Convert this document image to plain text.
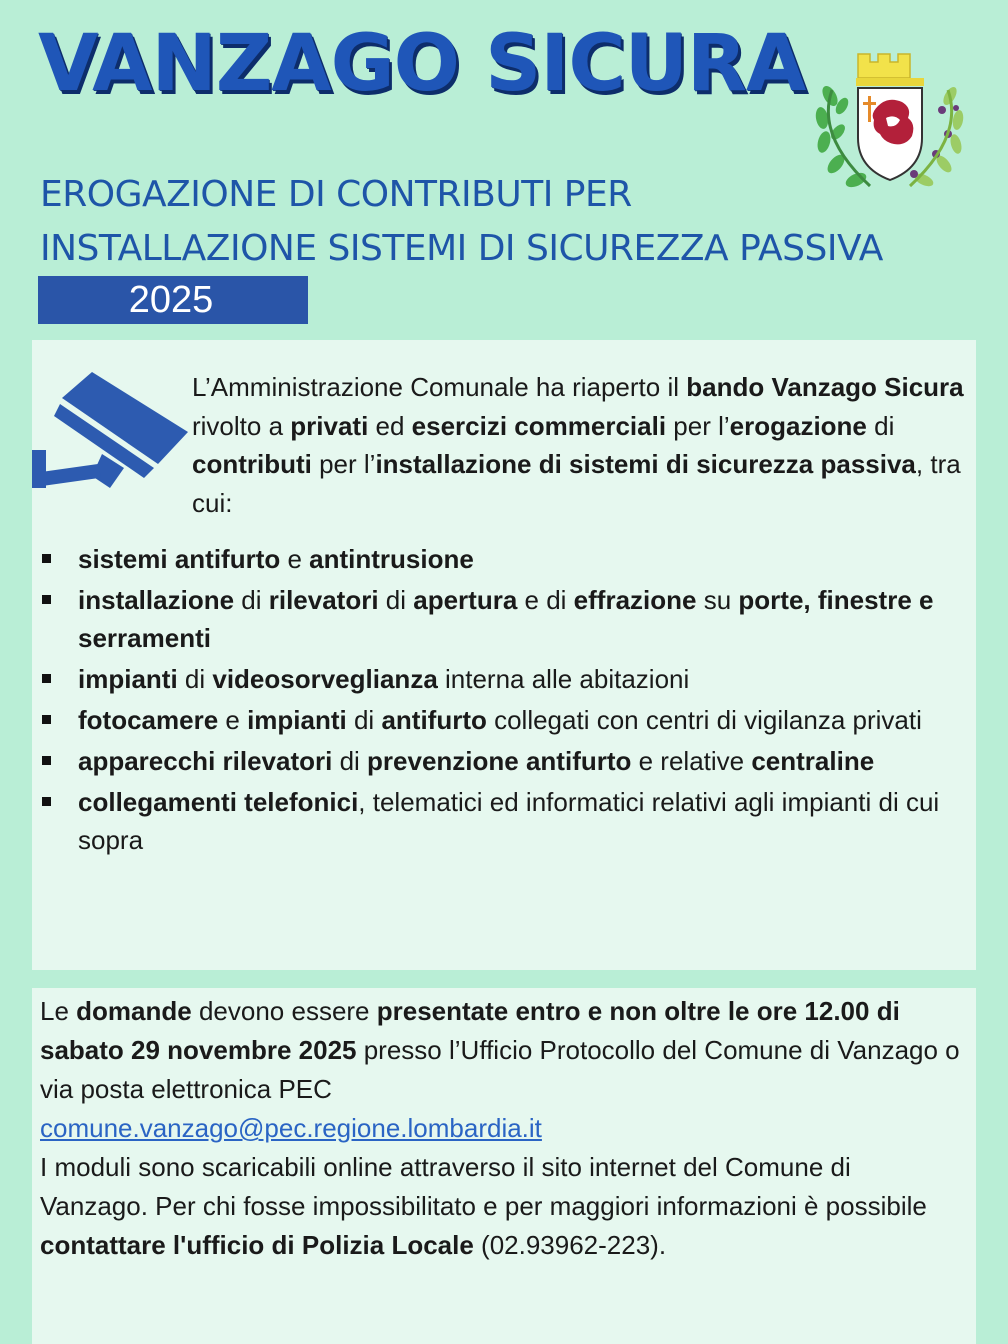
VANZAGO SICURA
EROGAZIONE DI CONTRIBUTI PER
INSTALLAZIONE SISTEMI DI SICUREZZA PASSIVA
2025

L’Amministrazione Comunale ha riaperto il bando Vanzago Sicura rivolto a privati ed esercizi commerciali per l’erogazione di contributi per l’installazione di sistemi di sicurezza passiva, tra cui:

sistemi antifurto e antintrusione
installazione di rilevatori di apertura e di effrazione su porte, finestre e serramenti
impianti di videosorveglianza interna alle abitazioni
fotocamere e impianti di antifurto collegati con centri di vigilanza privati
apparecchi rilevatori di prevenzione antifurto e relative centraline
collegamenti telefonici, telematici ed informatici relativi agli impianti di cui sopra

Le domande devono essere presentate entro e non oltre le ore 12.00 di sabato 29 novembre 2025 presso l’Ufficio Protocollo del Comune di Vanzago o via posta elettronica PEC
comune.vanzago@pec.regione.lombardia.it

I moduli sono scaricabili online attraverso il sito internet del Comune di Vanzago. Per chi fosse impossibilitato e per maggiori informazioni è possibile contattare l'ufficio di Polizia Locale (02.93962-223).
